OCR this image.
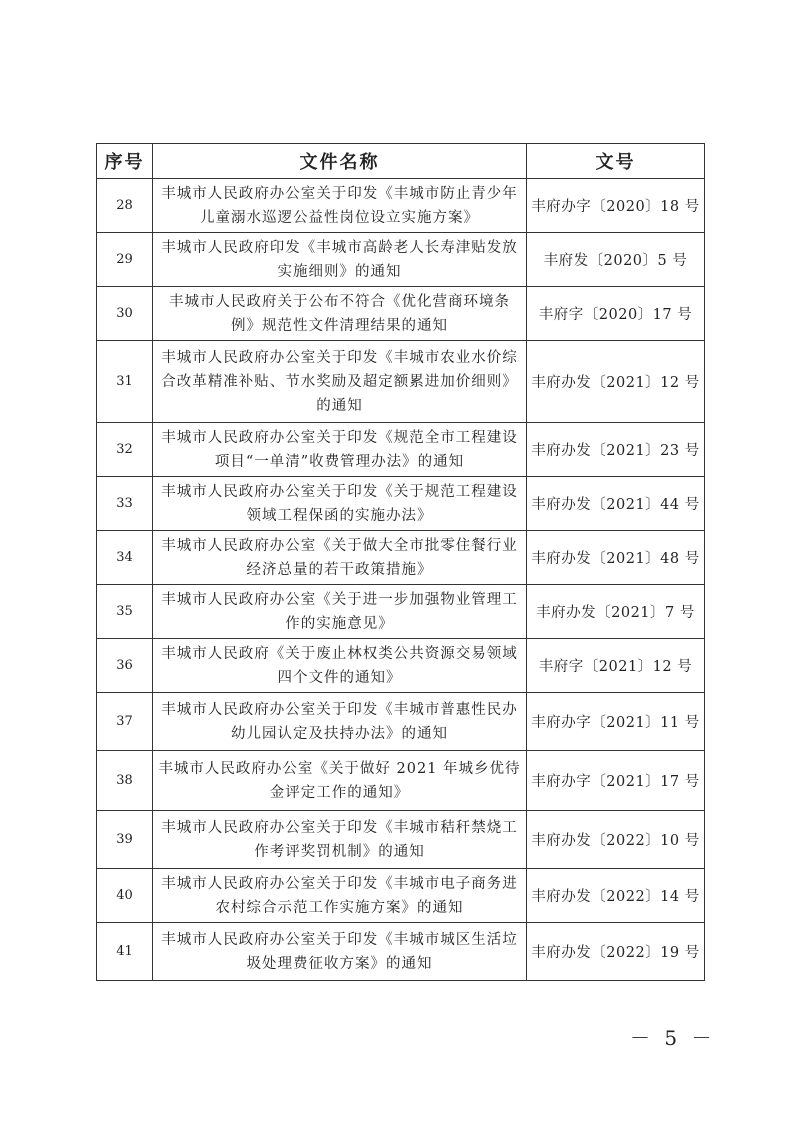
序号	文件名称	文号
28	丰城市人民政府办公室关于印发《丰城市防止青少年
儿童溺水巡逻公益性岗位设立实施方案》	丰府办字〔2020〕18 号
29	丰城市人民政府印发《丰城市高龄老人长寿津贴发放
实施细则》的通知	丰府发〔2020〕5 号
30	丰城市人民政府关于公布不符合《优化营商环境条
例》规范性文件清理结果的通知	丰府字〔2020〕17 号
31	丰城市人民政府办公室关于印发《丰城市农业水价综
合改革精准补贴、节水奖励及超定额累进加价细则》
的通知	丰府办发〔2021〕12 号
32	丰城市人民政府办公室关于印发《规范全市工程建设
项目“一单清”收费管理办法》的通知	丰府办发〔2021〕23 号
33	丰城市人民政府办公室关于印发《关于规范工程建设
领域工程保函的实施办法》	丰府办发〔2021〕44 号
34	丰城市人民政府办公室《关于做大全市批零住餐行业
经济总量的若干政策措施》	丰府办发〔2021〕48 号
35	丰城市人民政府办公室《关于进一步加强物业管理工
作的实施意见》	丰府办发〔2021〕7 号
36	丰城市人民政府《关于废止林权类公共资源交易领域
四个文件的通知》	丰府字〔2021〕12 号
37	丰城市人民政府办公室关于印发《丰城市普惠性民办
幼儿园认定及扶持办法》的通知	丰府办字〔2021〕11 号
38	丰城市人民政府办公室《关于做好 2021 年城乡优待
金评定工作的通知》	丰府办字〔2021〕17 号
39	丰城市人民政府办公室关于印发《丰城市秸秆禁烧工
作考评奖罚机制》的通知	丰府办发〔2022〕10 号
40	丰城市人民政府办公室关于印发《丰城市电子商务进
农村综合示范工作实施方案》的通知	丰府办发〔2022〕14 号
41	丰城市人民政府办公室关于印发《丰城市城区生活垃
圾处理费征收方案》的通知	丰府办发〔2022〕19 号
－ 5 －
